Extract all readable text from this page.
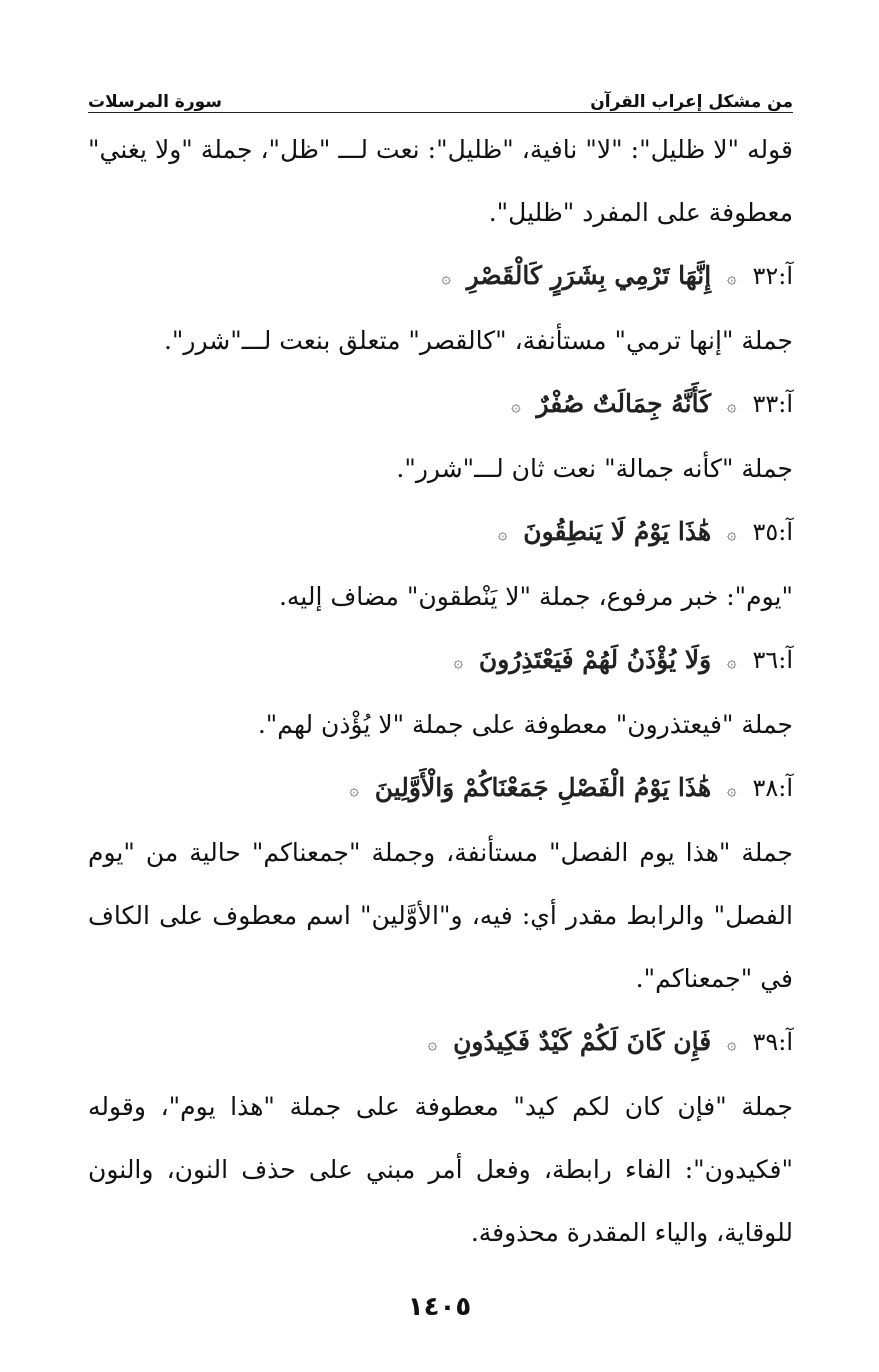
من مشكل إعراب القرآن
سورة المرسلات

قوله "لا ظليل": "لا" نافية، "ظليل": نعت لـــ "ظل"، جملة "ولا يغني" معطوفة على المفرد "ظليل".

آ:٣٢ ۞ إِنَّهَا تَرْمِي بِشَرَرٍ كَالْقَصْرِ ۞

جملة "إنها ترمي" مستأنفة، "كالقصر" متعلق بنعت لـــ"شرر".

آ:٣٣ ۞ كَأَنَّهُ جِمَالَتٌ صُفْرٌ ۞

جملة "كأنه جمالة" نعت ثان لـــ"شرر".

آ:٣٥ ۞ هَٰذَا يَوْمُ لَا يَنطِقُونَ ۞

"يوم": خبر مرفوع، جملة "لا يَنْطقون" مضاف إليه.

آ:٣٦ ۞ وَلَا يُؤْذَنُ لَهُمْ فَيَعْتَذِرُونَ ۞

جملة "فيعتذرون" معطوفة على جملة "لا يُؤْذن لهم".

آ:٣٨ ۞ هَٰذَا يَوْمُ الْفَصْلِ جَمَعْنَاكُمْ وَالْأَوَّلِينَ ۞

جملة "هذا يوم الفصل" مستأنفة، وجملة "جمعناكم" حالية من "يوم الفصل" والرابط مقدر أي: فيه، و"الأوَّلين" اسم معطوف على الكاف في "جمعناكم".

آ:٣٩ ۞ فَإِن كَانَ لَكُمْ كَيْدٌ فَكِيدُونِ ۞

جملة "فإن كان لكم كيد" معطوفة على جملة "هذا يوم"، وقوله "فكيدون": الفاء رابطة، وفعل أمر مبني على حذف النون، والنون للوقاية، والياء المقدرة محذوفة.

١٤٠٥
